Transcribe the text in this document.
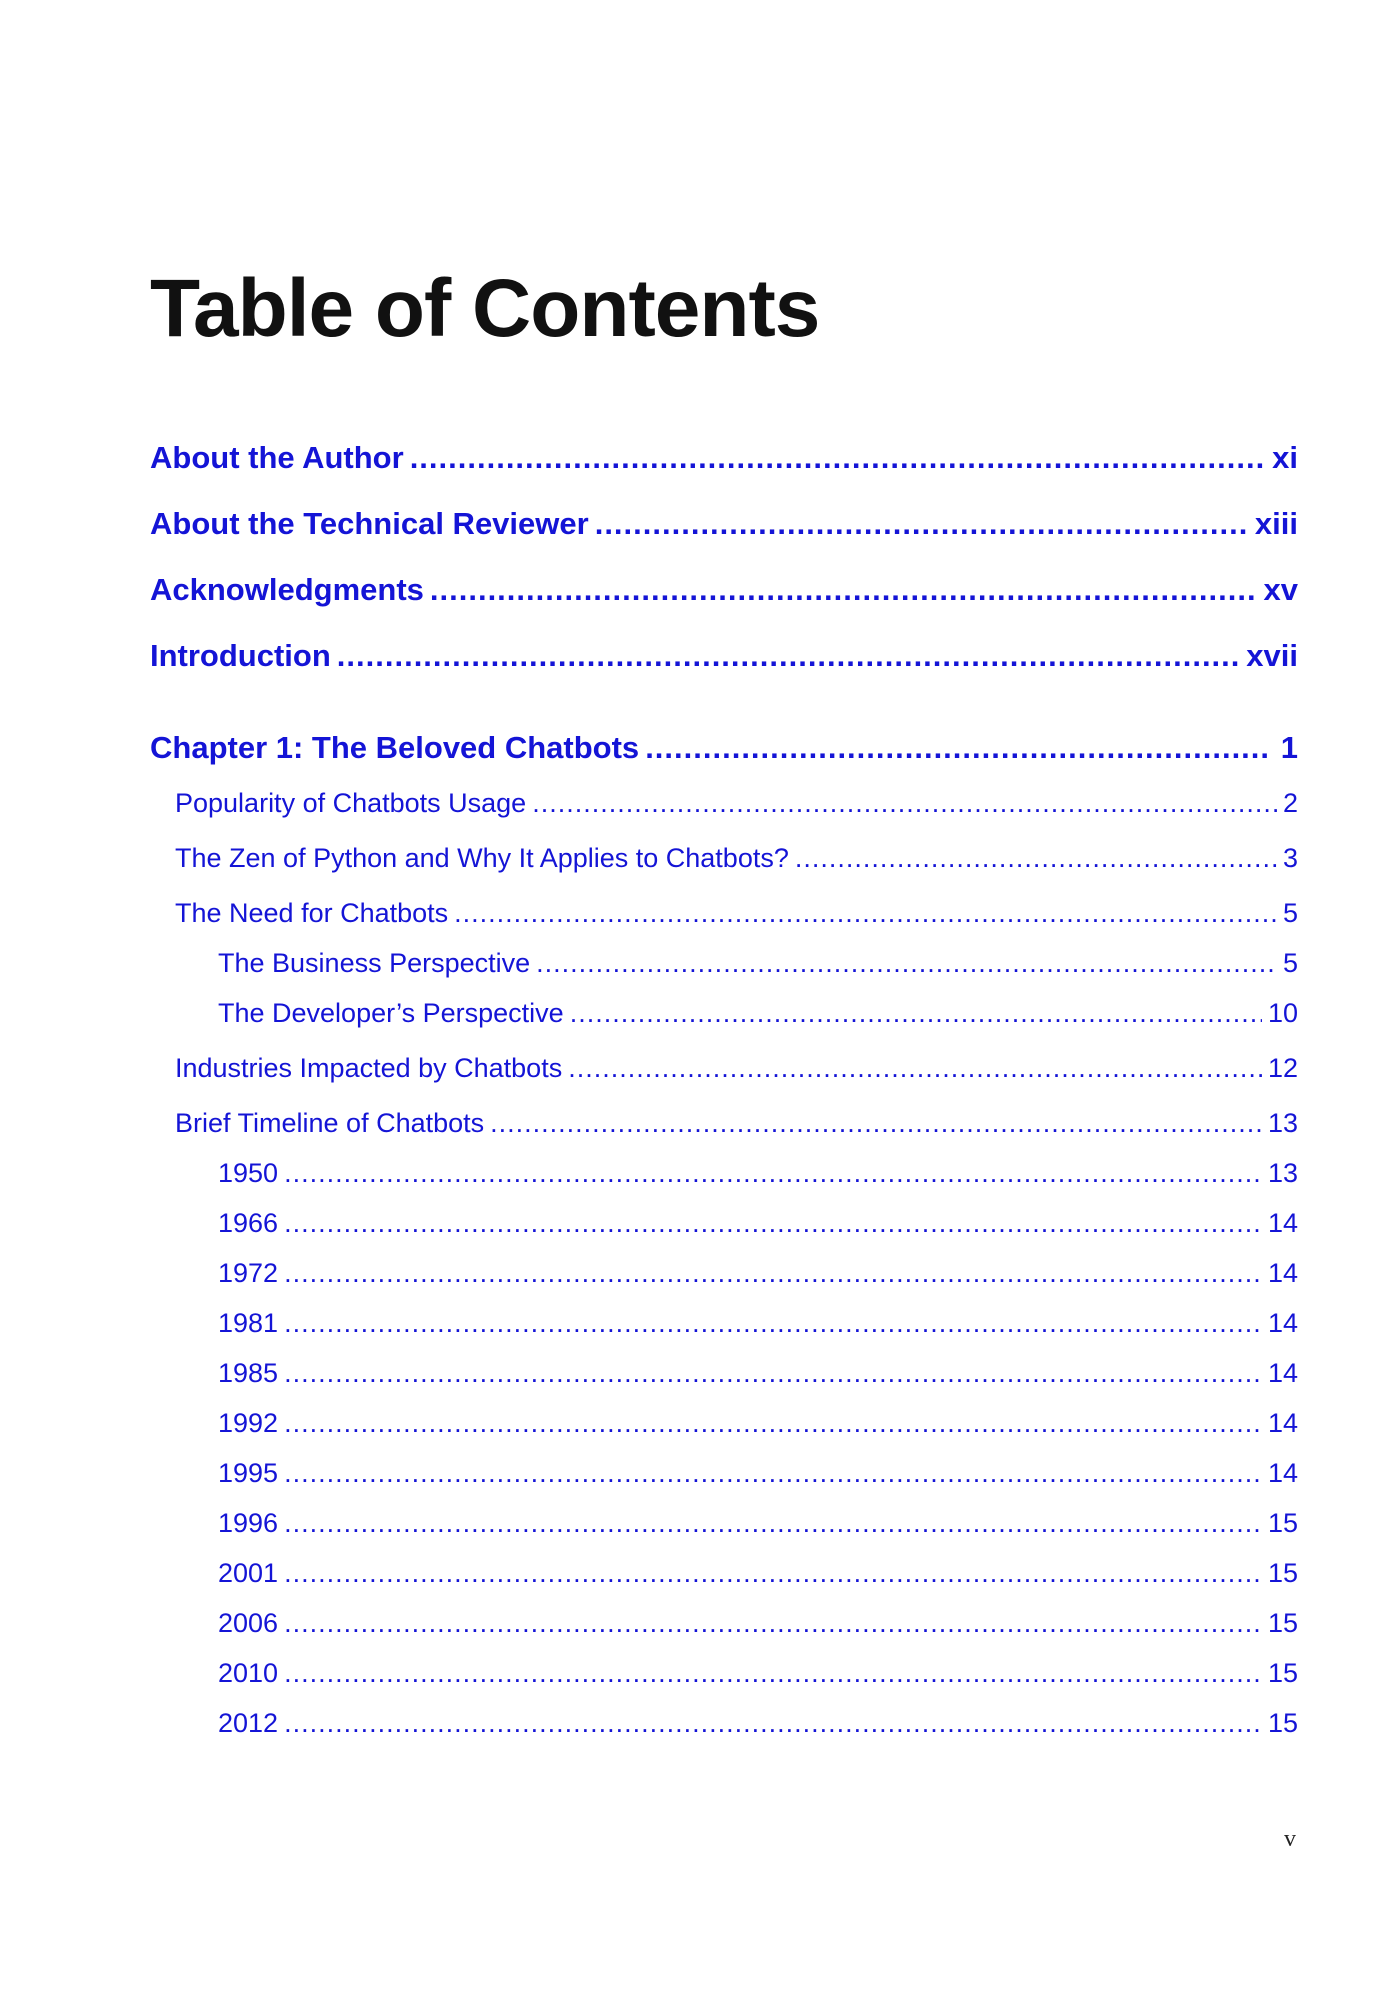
Table of Contents
About the Author .....	xi
About the Technical Reviewer .....	xiii
Acknowledgments .....	xv
Introduction .....	xvii
Chapter 1: The Beloved Chatbots .....	1
Popularity of Chatbots Usage .....	2
The Zen of Python and Why It Applies to Chatbots? .....	3
The Need for Chatbots .....	5
The Business Perspective .....	5
The Developer’s Perspective .....	10
Industries Impacted by Chatbots .....	12
Brief Timeline of Chatbots .....	13
1950 .....	13
1966 .....	14
1972 .....	14
1981 .....	14
1985 .....	14
1992 .....	14
1995 .....	14
1996 .....	15
2001 .....	15
2006 .....	15
2010 .....	15
2012 .....	15
v
